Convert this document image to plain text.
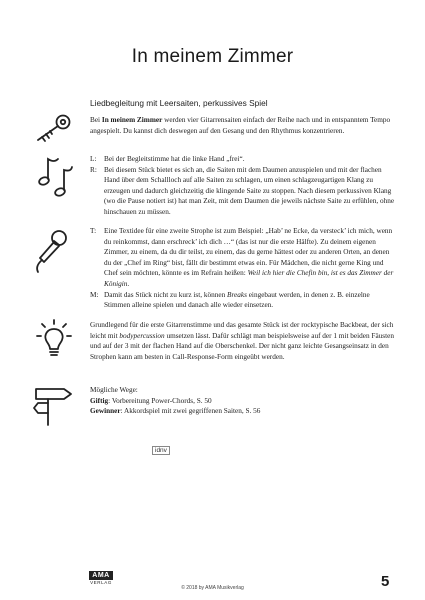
In meinem Zimmer
Liedbegleitung mit Leersaiten, perkussives Spiel
Bei In meinem Zimmer werden vier Gitarrensaiten einfach der Reihe nach und in entspanntem Tempo angespielt. Du kannst dich deswegen auf den Gesang und den Rhythmus konzentrieren.
L: Bei der Begleitstimme hat die linke Hand „frei“.
R: Bei diesem Stück bietet es sich an, die Saiten mit dem Daumen anzuspielen und mit der flachen Hand über dem Schallloch auf alle Saiten zu schlagen, um einen schlagzeugartigen Klang zu erzeugen und dadurch gleichzeitig die klingende Saite zu stoppen. Nach diesem perkussiven Klang (wo die Pause notiert ist) hat man Zeit, mit dem Daumen die jeweils nächste Saite zu erfühlen, ohne hinschauen zu müssen.
T: Eine Textidee für eine zweite Strophe ist zum Beispiel: „Hab’ ne Ecke, da versteck’ ich mich, wenn du reinkommst, dann erschreck’ ich dich …“ (das ist nur die erste Hälfte). Zu deinem eigenen Zimmer, zu einem, da du dir teilst, zu einem, das du gerne hättest oder zu anderen Orten, an denen du der „Chef im Ring“ bist, fällt dir bestimmt etwas ein. Für Mädchen, die nicht gerne King und Chef sein möchten, könnte es im Refrain heißen: Weil ich hier die Chefin bin, ist es das Zimmer der Königin.
M: Damit das Stück nicht zu kurz ist, können Breaks eingebaut werden, in denen z. B. einzelne Stimmen alleine spielen und danach alle wieder einsetzen.
Grundlegend für die erste Gitarrenstimme und das gesamte Stück ist der rocktypische Backbeat, der sich leicht mit bodypercussion umsetzen lässt. Dafür schlägt man beispielsweise auf der 1 mit beiden Fäusten und auf der 3 mit der flachen Hand auf die Oberschenkel. Der nicht ganz leichte Gesangseinsatz in den Strophen kann am besten in Call-Response-Form eingeübt werden.
Mögliche Wege:
Giftig: Vorbereitung Power-Chords, S. 50
Gewinner: Akkordspiel mit zwei gegriffenen Saiten, S. 56
idnv
AMA
VERLAG
© 2018 by AMA Musikverlag	5
